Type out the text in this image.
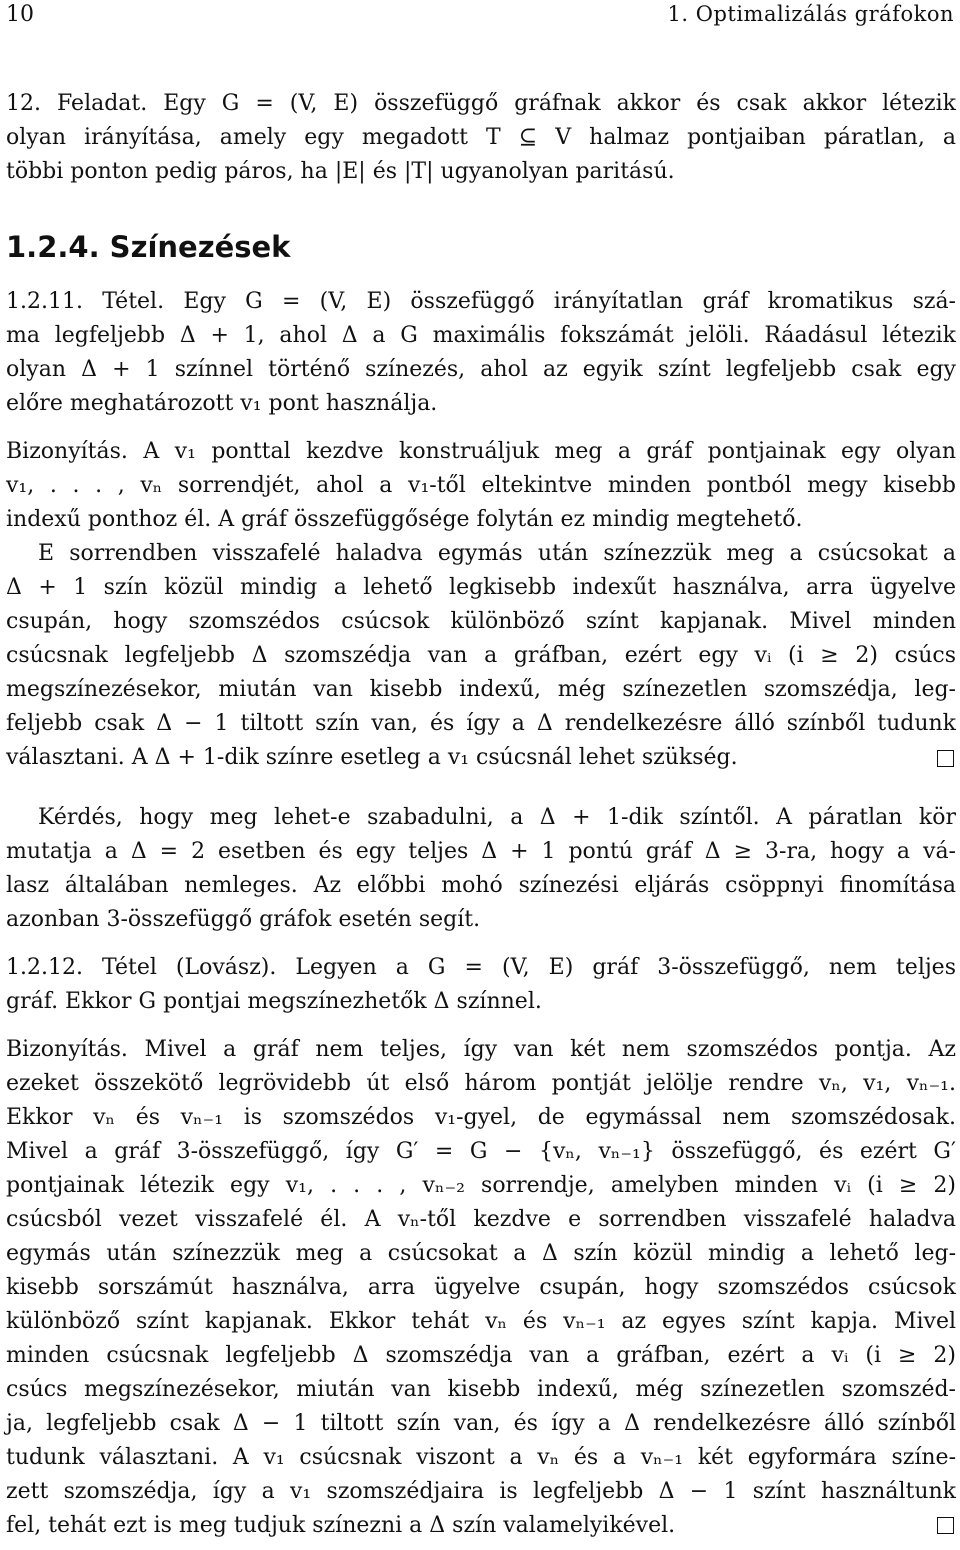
10	1. Optimalizálás gráfokon
12. Feladat. Egy G = (V, E) összefüggő gráfnak akkor és csak akkor létezik
olyan irányítása, amely egy megadott T ⊆ V halmaz pontjaiban páratlan, a
többi ponton pedig páros, ha |E| és |T| ugyanolyan paritású.
1.2.4. Színezések
1.2.11. Tétel. Egy G = (V, E) összefüggő irányítatlan gráf kromatikus szá-
ma legfeljebb Δ + 1, ahol Δ a G maximális fokszámát jelöli. Ráadásul létezik
olyan Δ + 1 színnel történő színezés, ahol az egyik színt legfeljebb csak egy
előre meghatározott v₁ pont használja.
Bizonyítás. A v₁ ponttal kezdve konstruáljuk meg a gráf pontjainak egy olyan
v₁, . . . , vₙ sorrendjét, ahol a v₁-től eltekintve minden pontból megy kisebb
indexű ponthoz él. A gráf összefüggősége folytán ez mindig megtehető.
E sorrendben visszafelé haladva egymás után színezzük meg a csúcsokat a
Δ + 1 szín közül mindig a lehető legkisebb indexűt használva, arra ügyelve
csupán, hogy szomszédos csúcsok különböző színt kapjanak. Mivel minden
csúcsnak legfeljebb Δ szomszédja van a gráfban, ezért egy vᵢ (i ≥ 2) csúcs
megszínezésekor, miután van kisebb indexű, még színezetlen szomszédja, leg-
feljebb csak Δ − 1 tiltott szín van, és így a Δ rendelkezésre álló színből tudunk
választani. A Δ + 1-dik színre esetleg a v₁ csúcsnál lehet szükség.
Kérdés, hogy meg lehet-e szabadulni, a Δ + 1-dik színtől. A páratlan kör
mutatja a Δ = 2 esetben és egy teljes Δ + 1 pontú gráf Δ ≥ 3-ra, hogy a vá-
lasz általában nemleges. Az előbbi mohó színezési eljárás csöppnyi finomítása
azonban 3-összefüggő gráfok esetén segít.
1.2.12. Tétel (Lovász). Legyen a G = (V, E) gráf 3-összefüggő, nem teljes
gráf. Ekkor G pontjai megszínezhetők Δ színnel.
Bizonyítás. Mivel a gráf nem teljes, így van két nem szomszédos pontja. Az
ezeket összekötő legrövidebb út első három pontját jelölje rendre vₙ, v₁, vₙ₋₁.
Ekkor vₙ és vₙ₋₁ is szomszédos v₁-gyel, de egymással nem szomszédosak.
Mivel a gráf 3-összefüggő, így G′ = G − {vₙ, vₙ₋₁} összefüggő, és ezért G′
pontjainak létezik egy v₁, . . . , vₙ₋₂ sorrendje, amelyben minden vᵢ (i ≥ 2)
csúcsból vezet visszafelé él. A vₙ-től kezdve e sorrendben visszafelé haladva
egymás után színezzük meg a csúcsokat a Δ szín közül mindig a lehető leg-
kisebb sorszámút használva, arra ügyelve csupán, hogy szomszédos csúcsok
különböző színt kapjanak. Ekkor tehát vₙ és vₙ₋₁ az egyes színt kapja. Mivel
minden csúcsnak legfeljebb Δ szomszédja van a gráfban, ezért a vᵢ (i ≥ 2)
csúcs megszínezésekor, miután van kisebb indexű, még színezetlen szomszéd-
ja, legfeljebb csak Δ − 1 tiltott szín van, és így a Δ rendelkezésre álló színből
tudunk választani. A v₁ csúcsnak viszont a vₙ és a vₙ₋₁ két egyformára színe-
zett szomszédja, így a v₁ szomszédjaira is legfeljebb Δ − 1 színt használtunk
fel, tehát ezt is meg tudjuk színezni a Δ szín valamelyikével.
